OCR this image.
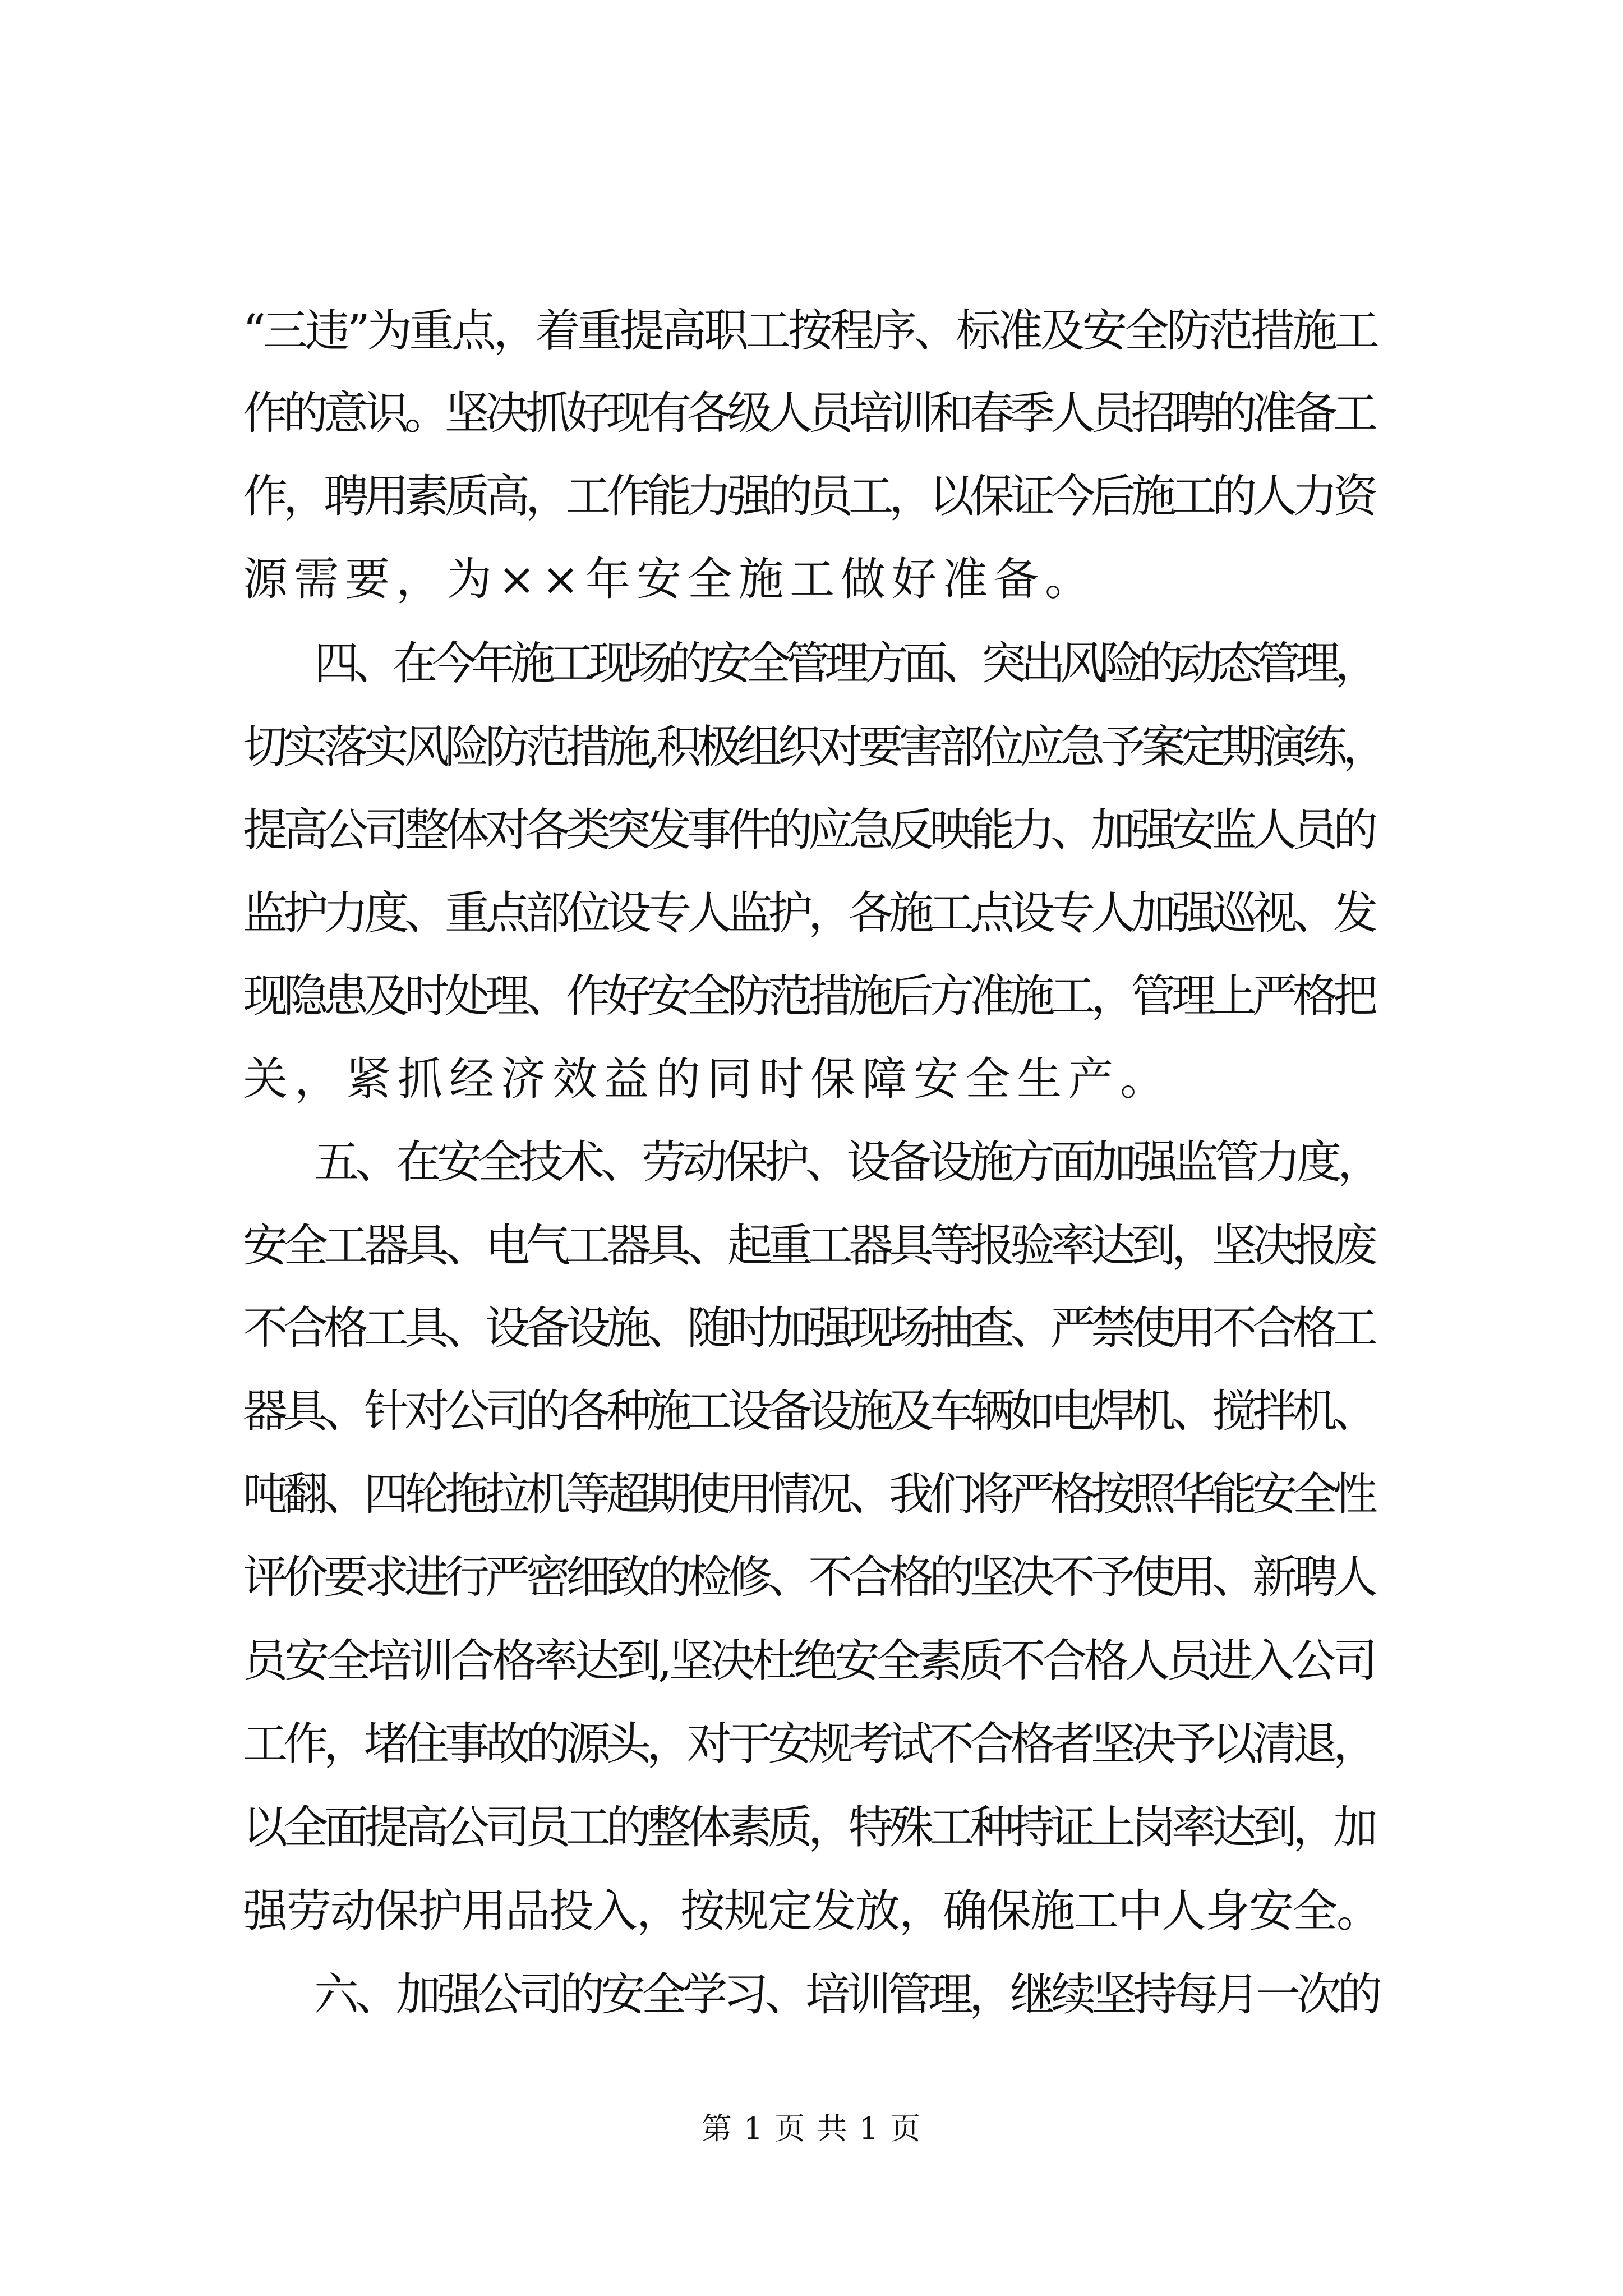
“三违”为重点，着重提高职工按程序、标准及安全防范措施工
作的意识。坚决抓好现有各级人员培训和春季人员招聘的准备工
作，聘用素质高，工作能力强的员工，以保证今后施工的人力资
源需要，为××年安全施工做好准备。
四、在今年施工现场的安全管理方面、突出风险的动态管理，
切实落实风险防范措施,积极组织对要害部位应急予案定期演练，
提高公司整体对各类突发事件的应急反映能力、加强安监人员的
监护力度、重点部位设专人监护，各施工点设专人加强巡视、发
现隐患及时处理、作好安全防范措施后方准施工，管理上严格把
关，紧抓经济效益的同时保障安全生产。
五、在安全技术、劳动保护、设备设施方面加强监管力度，
安全工器具、电气工器具、起重工器具等报验率达到，坚决报废
不合格工具、设备设施、随时加强现场抽查、严禁使用不合格工
器具、针对公司的各种施工设备设施及车辆如电焊机、搅拌机、
吨翻、四轮拖拉机等超期使用情况、我们将严格按照华能安全性
评价要求进行严密细致的检修、不合格的坚决不予使用、新聘人
员安全培训合格率达到,坚决杜绝安全素质不合格人员进入公司
工作，堵住事故的源头，对于安规考试不合格者坚决予以清退，
以全面提高公司员工的整体素质，特殊工种持证上岗率达到，加
强劳动保护用品投入，按规定发放，确保施工中人身安全。
六、加强公司的安全学习、培训管理，继续坚持每月一次的
第 1 页 共 1 页
